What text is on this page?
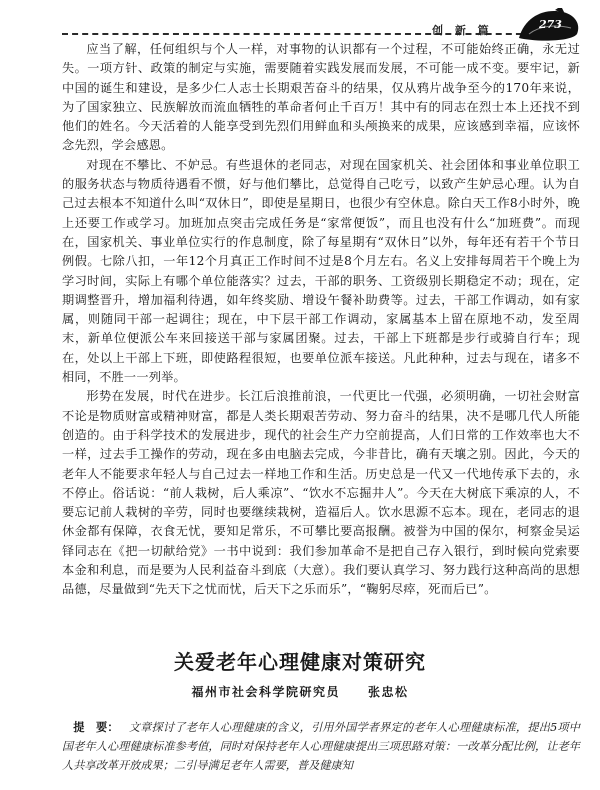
创 新 篇	273

应当了解，任何组织与个人一样，对事物的认识都有一个过程，不可能始终正确，永无过失。一项方针、政策的制定与实施，需要随着实践发展而发展，不可能一成不变。要牢记，新中国的诞生和建设，是多少仁人志士长期艰苦奋斗的结果，仅从鸦片战争至今的170年来说，为了国家独立、民族解放而流血牺牲的革命者何止千百万！其中有的同志在烈士本上还找不到他们的姓名。今天活着的人能享受到先烈们用鲜血和头颅换来的成果，应该感到幸福，应该怀念先烈，学会感恩。

对现在不攀比、不妒忌。有些退休的老同志，对现在国家机关、社会团体和事业单位职工的服务状态与物质待遇看不惯，好与他们攀比，总觉得自己吃亏，以致产生妒忌心理。认为自己过去根本不知道什么叫“双休日”，即使是星期日，也很少有空休息。除白天工作8小时外，晚上还要工作或学习。加班加点突击完成任务是“家常便饭”，而且也没有什么“加班费”。而现在，国家机关、事业单位实行的作息制度，除了每星期有“双休日”以外，每年还有若干个节日例假。七除八扣，一年12个月真正工作时间不过是8个月左右。名义上安排每周若干个晚上为学习时间，实际上有哪个单位能落实？过去，干部的职务、工资级别长期稳定不动；现在，定期调整晋升，增加福利待遇，如年终奖励、增设午餐补助费等。过去，干部工作调动，如有家属，则随同干部一起调往；现在，中下层干部工作调动，家属基本上留在原地不动，发至周末，新单位便派公车来回接送干部与家属团聚。过去，干部上下班都是步行或骑自行车；现在，处以上干部上下班，即使路程很短，也要单位派车接送。凡此种种，过去与现在，诸多不相同，不胜一一列举。

形势在发展，时代在进步。长江后浪推前浪，一代更比一代强，必须明确，一切社会财富不论是物质财富或精神财富，都是人类长期艰苦劳动、努力奋斗的结果，决不是哪几代人所能创造的。由于科学技术的发展进步，现代的社会生产力空前提高，人们日常的工作效率也大不一样，过去手工操作的劳动，现在多由电脑去完成，今非昔比，确有天壤之别。因此，今天的老年人不能要求年轻人与自己过去一样地工作和生活。历史总是一代又一代地传承下去的，永不停止。俗话说：“前人栽树，后人乘凉”、“饮水不忘掘井人”。今天在大树底下乘凉的人，不要忘记前人栽树的辛劳，同时也要继续栽树，造福后人。饮水思源不忘本。现在，老同志的退休金都有保障，衣食无忧，要知足常乐，不可攀比要高报酬。被誉为中国的保尔，柯察金吴运铎同志在《把一切献给党》一书中说到：我们参加革命不是把自己存入银行，到时候向党索要本金和利息，而是要为人民利益奋斗到底（大意）。我们要认真学习、努力践行这种高尚的思想品德，尽量做到“先天下之忧而忧，后天下之乐而乐”，“鞠躬尽瘁，死而后已”。

关爱老年心理健康对策研究
福州市社会科学院研究员 张忠松

提　要： 文章探讨了老年人心理健康的含义，引用外国学者界定的老年人心理健康标准，提出5项中国老年人心理健康标准参考值，同时对保持老年人心理健康提出三项思路对策：一改革分配比例，让老年人共享改革开放成果；二引导满足老年人需要，普及健康知
